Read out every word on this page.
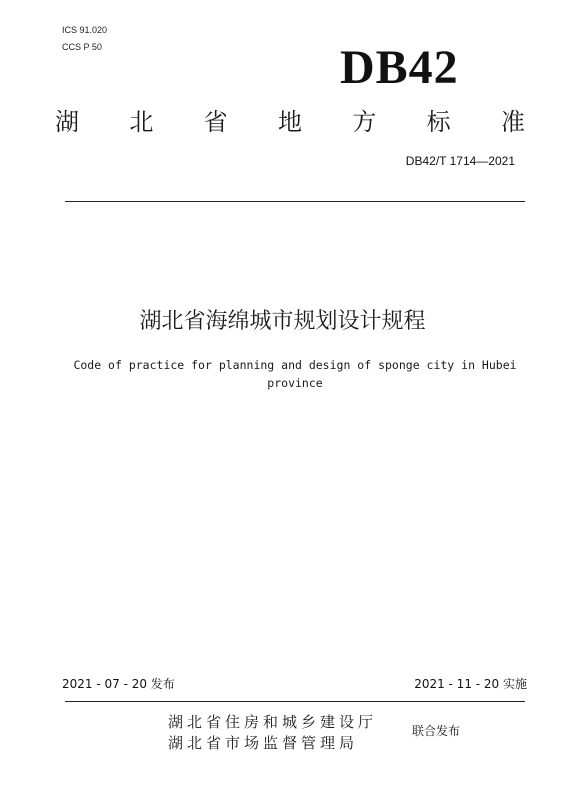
ICS 91.020
CCS P 50	DB42
湖 北 省 地 方 标 准
DB42/T 1714—2021
湖北省海绵城市规划设计规程
Code of practice for planning and design of sponge city in Hubei
province
2021 - 07 - 20 发布	2021 - 11 - 20 实施
湖北省住房和城乡建设厅
湖北省市场监督管理局
联合发布
